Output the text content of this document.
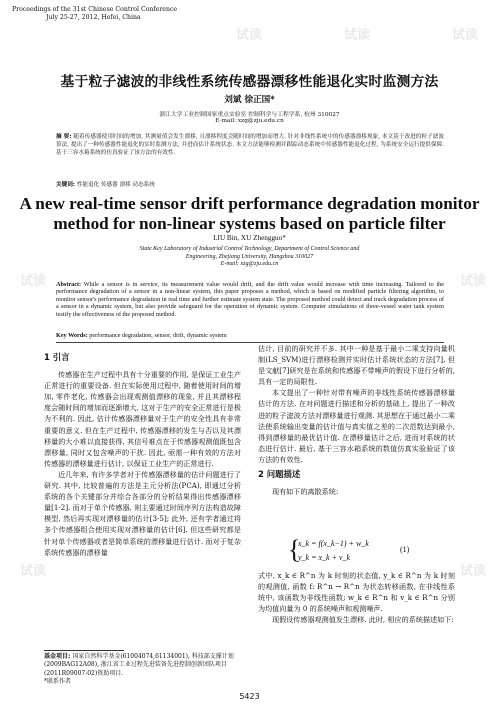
试读	试读	试读
试读	试读
试读	试读
Proceedings of the 31st Chinese Control Conference
July 25-27, 2012, Hefei, China
基于粒子滤波的非线性系统传感器漂移性能退化实时监测方法
刘斌 徐正国*
浙江大学工业控制国家重点实验室 控制科学与工程学系, 杭州 310027
E-mail: xzg@zju.edu.cn
摘 要: 随着传感器使用时间的增加, 其测量值会发生漂移, 且漂移程度会随时间的增加而增大. 针对非线性系统中的传感器漂移现象, 本文基于改进的粒子滤波算法, 提出了一种传感器性能退化的实时监测方法, 并进而估计系统状态. 本文方法能够检测并跟踪动态系统中传感器性能退化过程, 为系统安全运行提供保障. 基于三容水箱系统的仿真验证了该方法的有效性.
关键词: 性能退化 传感器 漂移 动态系统
A new real-time sensor drift performance degradation monitor
method for non-linear systems based on particle filter
LIU Bin, XU Zhengguo*
State Key Laboratory of Industrial Control Technology, Department of Control Science and
Engineering, Zhejiang University, Hangzhou 310027
E-mail: xzg@zju.edu.cn
Abstract: While a sensor is in service, its measurement value would drift, and the drift value would increase with time increasing. Tailored to the performance degradation of a sensor in a non-linear system, this paper proposes a method, which is based on modified particle filtering algorithm, to monitor sensor's performance degradation in real time and further estimate system state. The proposed method could detect and track degradation process of a sensor in a dynamic system, but also provide safeguard for the operation of dynamic system. Computer simulations of three-vessel water tank system testify the effectiveness of the proposed method.
Key Words: performance degradation, sensor, drift, dynamic system
1 引言

传感器在生产过程中具有十分重要的作用, 是保证工业生产正常进行的重要设备. 但在实际使用过程中, 随着使用时间的增加, 零件老化, 传感器会出现观测值漂移的现象, 并且其漂移程度会随时间的增加而逐渐增大, 这对于生产的安全正常进行是极为不利的. 因此, 估计传感器漂移量对于生产的安全性具有非常重要的意义. 但在生产过程中, 传感器漂移的发生与否以及其漂移量的大小难以直接获得, 其信号难点在于传感器观测值既包含漂移量, 同时又包含噪声的干扰. 因此, 亟需一种有效的方法对传感器的漂移量进行估计, 以保证工业生产的正常进行.

近几年来, 有许多学者对于传感器漂移量的估计问题进行了研究. 其中, 比较普遍的方法是主元分析法(PCA), 即通过分析系统的各个关键部分并综合各部分的分析结果得出传感器漂移量[1-2]. 而对于单个传感器, 则主要通过时间序列方法构造故障模型, 然后再实现对漂移量的估计[3-5]; 此外, 还有学者通过将多个传感器组合使用实现对漂移量的估计[6]. 但这些研究都是针对单个传感器或者是简单系统的漂移量进行估计. 而对于复杂系统传感器的漂移量

估计, 目前的研究并不多. 其中一种是基于最小二乘支持向量机制(LS_SVM)进行漂移检测并实时估计系统状态的方法[7], 但是文献[7]研究是在系统和传感器不带噪声的假设下进行分析的, 具有一定的局限性.

本文提出了一种针对带有噪声的非线性系统传感器漂移量估计的方法. 在对问题进行描述和分析的基础上, 提出了一种改进的粒子滤波方法对漂移量进行观测. 其思想在于通过最小二乘法使系统输出变量的估计值与真实值之差的二次范数达到最小, 得到漂移量的最优估计值. 在漂移量估计之后, 进而对系统的状态进行估计. 最后, 基于三容水箱系统的数值仿真实验验证了该方法的有效性.

2 问题描述

现有如下的离散系统:

{
x_k = f(x_k−1) + w_k
y_k = x_k + v_k
(1)

式中, x_k ∈ R^n 为 k 时刻的状态值, y_k ∈ R^n 为 k 时刻的观测值, 函数 f: R^n → R^n 为状态转移函数, 在非线性系统中, 该函数为非线性函数; w_k ∈ R^n 和 v_k ∈ R^n 分别为均值向量为 0 的系统噪声和观测噪声.

现假设传感器观测值发生漂移. 此时, 相应的系统描述如下:

基金项目: 国家自然科学基金(61004074,61134001), 科技部支撑计划(2009BAG12A08), 浙江省工业过程先进装备先进控制创新团队项目(2011R09007-02)资助项目.
*联系作者
5423
